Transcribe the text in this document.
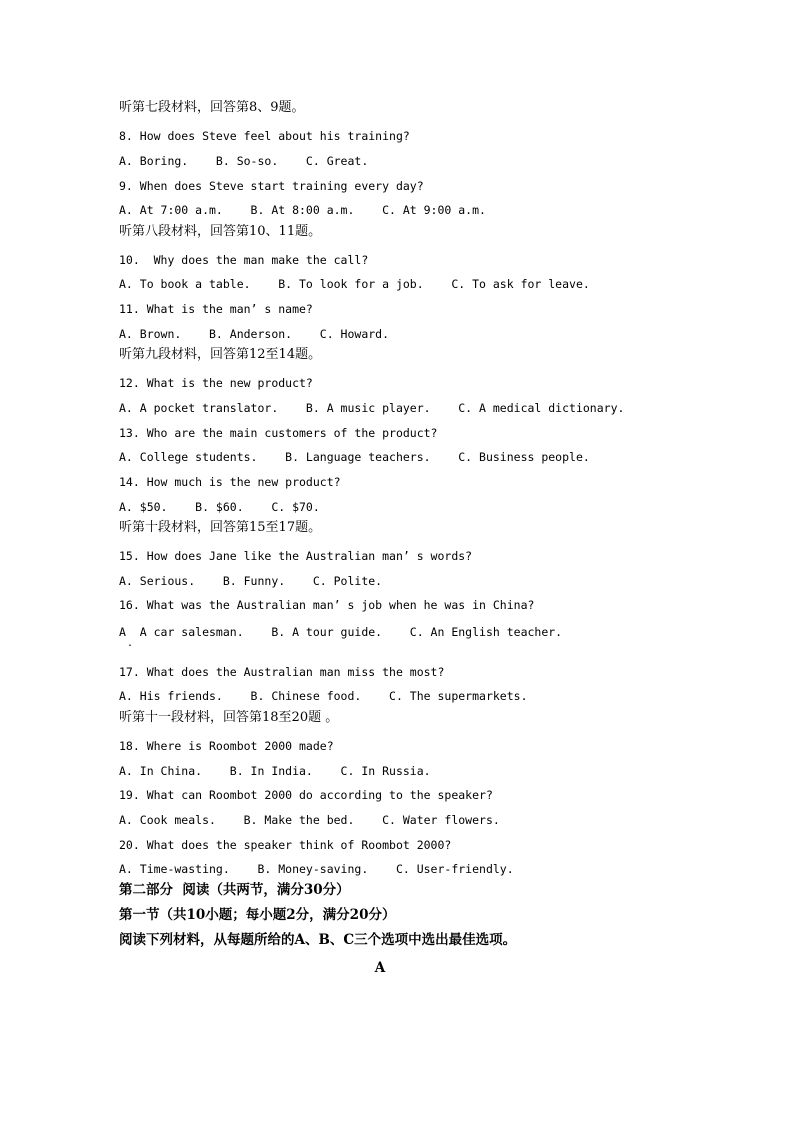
听第七段材料，回答第8、9题。
8. How does Steve feel about his training?
A. Boring.    B. So-so.    C. Great.
9. When does Steve start training every day?
A. At 7:00 a.m.    B. At 8:00 a.m.    C. At 9:00 a.m.
听第八段材料，回答第10、11题。
10.  Why does the man make the call?
A. To book a table.    B. To look for a job.    C. To ask for leave.
11. What is the man’ s name?
A. Brown.    B. Anderson.    C. Howard.
听第九段材料，回答第12至14题。
12. What is the new product?
A. A pocket translator.    B. A music player.    C. A medical dictionary.
13. Who are the main customers of the product?
A. College students.    B. Language teachers.    C. Business people.
14. How much is the new product?
A. $50.    B. $60.    C. $70.
听第十段材料，回答第15至17题。
15. How does Jane like the Australian man’ s words?
A. Serious.    B. Funny.    C. Polite.
16. What was the Australian man’ s job when he was in China?
A  A car salesman.    B. A tour guide.    C. An English teacher.
.
17. What does the Australian man miss the most?
A. His friends.    B. Chinese food.    C. The supermarkets.
听第十一段材料，回答第18至20题 。
18. Where is Roombot 2000 made?
A. In China.    B. In India.    C. In Russia.
19. What can Roombot 2000 do according to the speaker?
A. Cook meals.    B. Make the bed.    C. Water flowers.
20. What does the speaker think of Roombot 2000?
A. Time-wasting.    B. Money-saving.    C. User-friendly.
第二部分  阅读（共两节，满分30分）
第一节（共10小题；每小题2分，满分20分）
阅读下列材料，从每题所给的A、B、C三个选项中选出最佳选项。
A
